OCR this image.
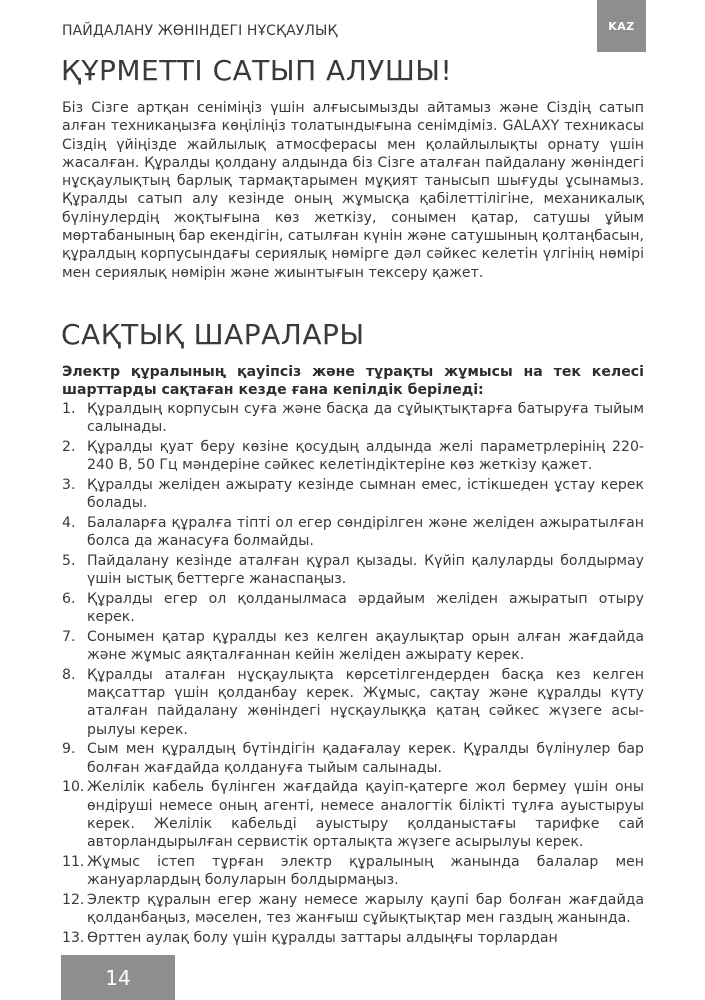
ПАЙДАЛАНУ ЖӨНІНДЕГІ НҰСҚАУЛЫҚ	KAZ
ҚҰРМЕТТІ САТЫП АЛУШЫ!

Біз Сізге артқан сеніміңіз үшін алғысымызды айтамыз және Сіздің сатып алған техникаңызға көңіліңіз толатындығына сенімдіміз. GALAXY техникасы Сіздің үйіңізде жайлылық атмосферасы мен қолайлылықты орнату үшін жасалған. Құралды қолдану алдында біз Сізге аталған пайдалану жөніндегі нұсқаулықтың барлық тармақтарымен мұқият танысып шығуды ұсынамыз. Құралды сатып алу кезінде оның жұмысқа қабілеттілігіне, механикалық бүлінулердің жоқтығына көз жеткізу, сонымен қатар, сатушы ұйым мөртабанының бар екендігін, сатылған күнін және сатушының қолтаңбасын, құралдың корпусындағы сериялық нөмірге дәл сәйкес келетін үлгінің нөмірі мен сериялық нөмірін және жиынтығын тексеру қажет.

САҚТЫҚ ШАРАЛАРЫ

Электр құралының қауіпсіз және тұрақты жұмысы на тек келесі шарттарды сақтаған кезде ғана кепілдік беріледі:

1. Құралдың корпусын суға және басқа да сұйықтықтарға батыруға тыйым салынады.
2. Құралды қуат беру көзіне қосудың алдында желі параметрлерінің 220-240 В, 50 Гц мәндеріне сәйкес келетіндіктеріне көз жеткізу қажет.
3. Құралды желіден ажырату кезінде сымнан емес, істікшеден ұстау керек болады.
4. Балаларға құралға тіпті ол егер сөндірілген және желіден ажыратылған болса да жанасуға болмайды.
5. Пайдалану кезінде аталған құрал қызады. Күйіп қалуларды болдырмау үшін ыстық беттерге жанаспаңыз.
6. Құралды егер ол қолданылмаса әрдайым желіден ажыратып отыру керек.
7. Сонымен қатар құралды кез келген ақаулықтар орын алған жағдайда және жұмыс аяқталғаннан кейін желіден ажырату керек.
8. Құралды аталған нұсқаулықта көрсетілгендерден басқа кез келген мақсаттар үшін қолданбау керек. Жұмыс, сақтау және құралды күту аталған пайдалану жөніндегі нұсқаулыққа қатаң сәйкес жүзеге асырылуы керек.
9. Сым мен құралдың бүтіндігін қадағалау керек. Құралды бүлінулер бар болған жағдайда қолдануға тыйым салынады.
10. Желілік кабель бүлінген жағдайда қауіп-қатерге жол бермеу үшін оны өндіруші немесе оның агенті, немесе аналогтік білікті тұлға ауыстыруы керек. Желілік кабельді ауыстыру қолданыстағы тарифке сай авторландырылған сервистік орталықта жүзеге асырылуы керек.
11. Жұмыс істеп тұрған электр құралының жанында балалар мен жануарлардың болуларын болдырмаңыз.
12. Электр құралын егер жану немесе жарылу қаупі бар болған жағдайда қолданбаңыз, мәселен, тез жанғыш сұйықтықтар мен газдың жанында.
13. Өрттен аулақ болу үшін құралды заттары алдыңғы торлардан
14
